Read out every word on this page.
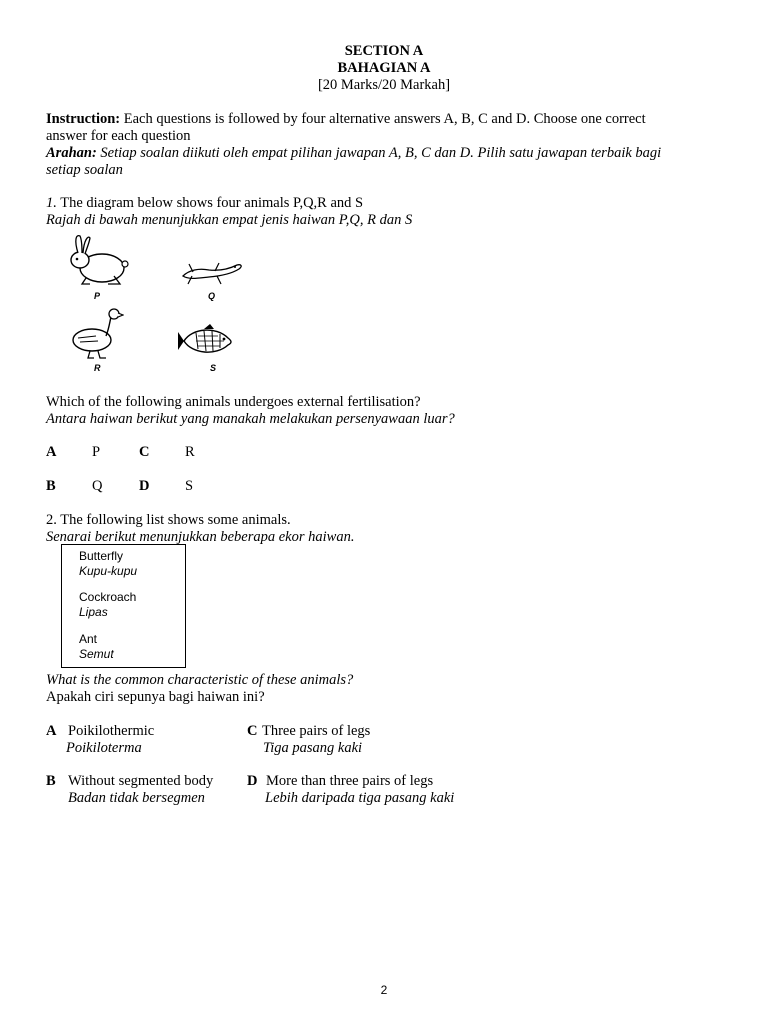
SECTION A
BAHAGIAN A
[20 Marks/20 Markah]
Instruction: Each questions is followed by four alternative answers A, B, C and D. Choose one correct
answer for each question
Arahan: Setiap soalan diikuti oleh empat pilihan jawapan A, B, C dan D. Pilih satu jawapan terbaik bagi
setiap soalan
1. The diagram below shows four animals P,Q,R and S
Rajah di bawah menunjukkan empat jenis haiwan P,Q, R dan S
P	Q
R	S
Which of the following animals undergoes external fertilisation?
Antara haiwan berikut yang manakah melakukan persenyawaan luar?
A P	C R
B	Q	D S
2. The following list shows some animals.
Senarai berikut menunjukkan beberapa ekor haiwan.
Butterfly
Kupu-kupu
Cockroach
Lipas
Ant
Semut
What is the common characteristic of these animals?
Apakah ciri sepunya bagi haiwan ini?
A Poikilothermic
Poikiloterma
C Three pairs of legs
Tiga pasang kaki
B Without segmented body
Badan tidak bersegmen
D More than three pairs of legs
Lebih daripada tiga pasang kaki
2
